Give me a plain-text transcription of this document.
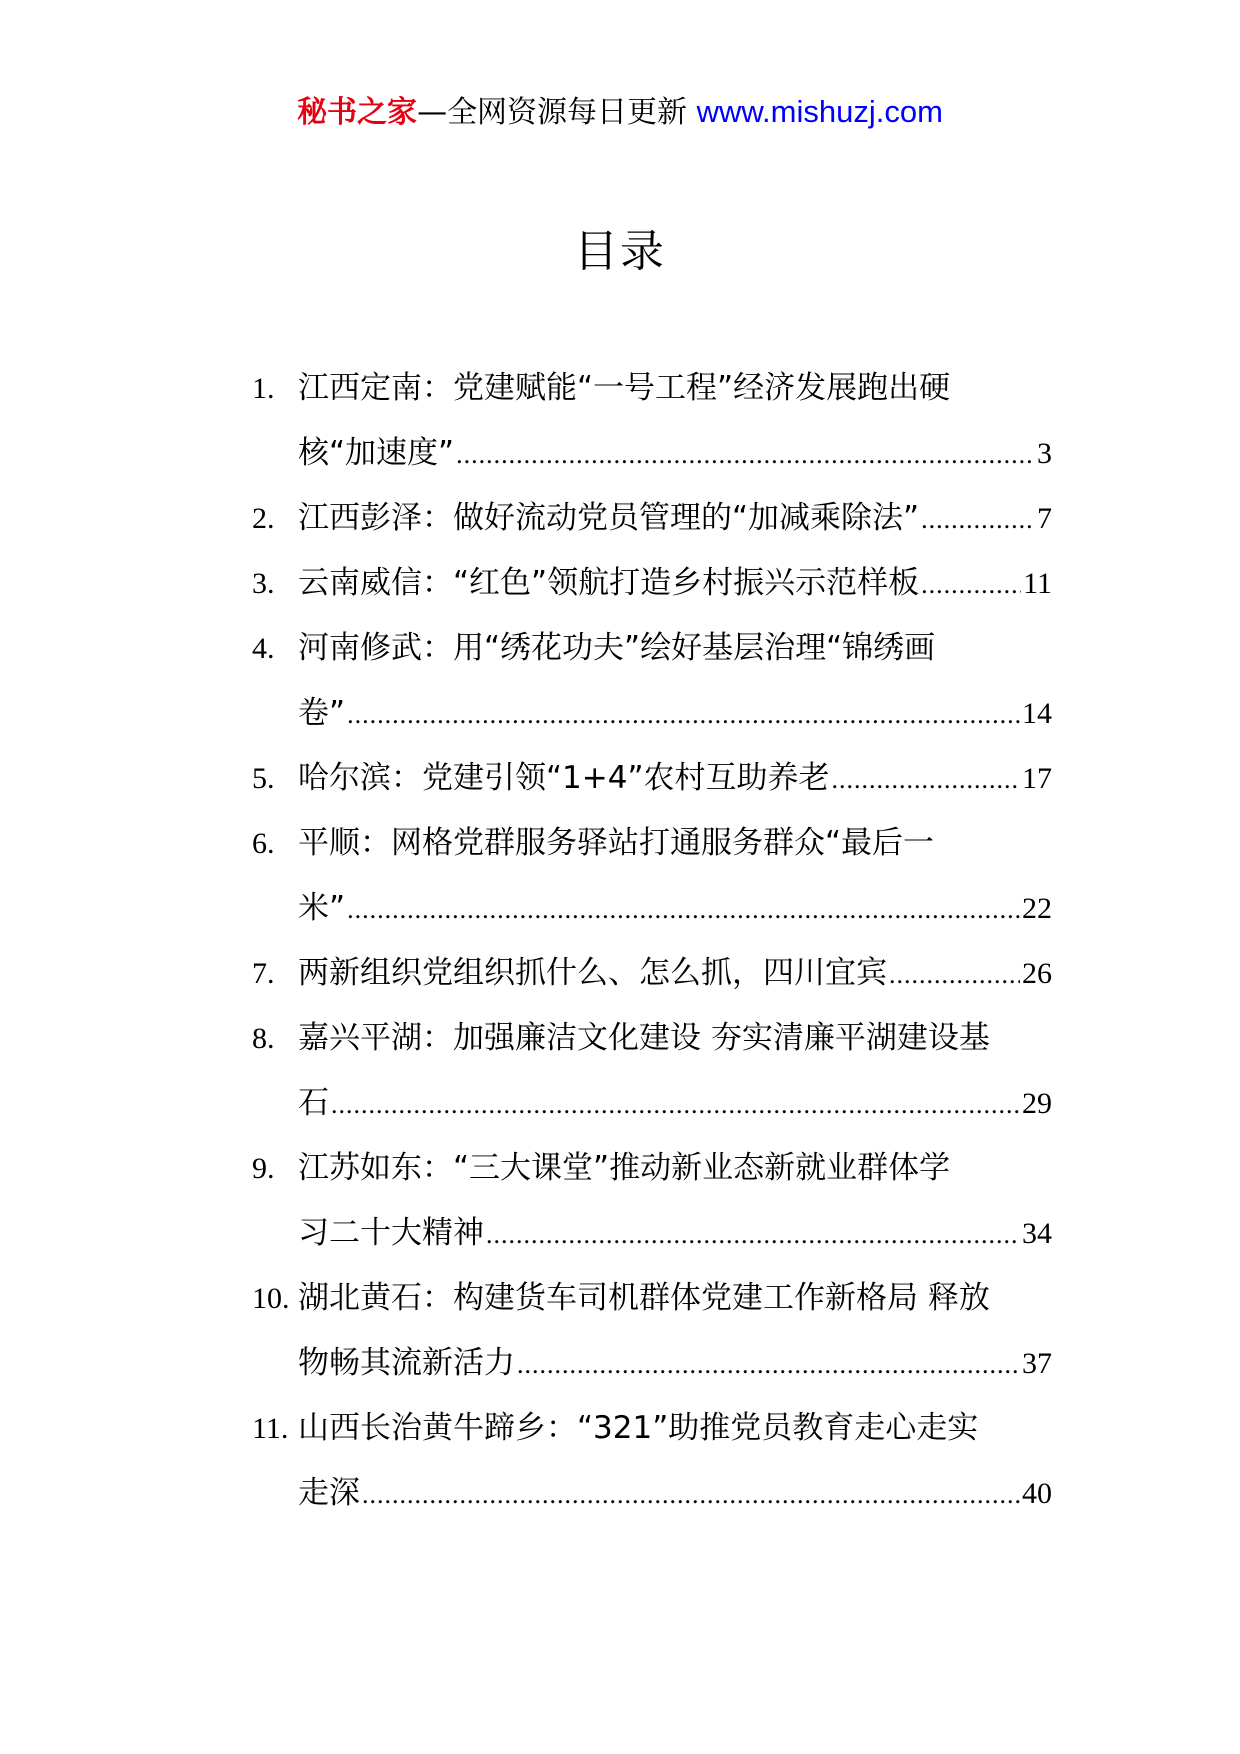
秘书之家—全网资源每日更新 www.mishuzj.com
目录
1. 江西定南：党建赋能“一号工程”经济发展跑出硬
核“加速度” .....	3
2. 江西彭泽：做好流动党员管理的“加减乘除法” .....	7
3. 云南威信：“红色”领航打造乡村振兴示范样板 .....	11
4. 河南修武：用“绣花功夫”绘好基层治理“锦绣画
卷” .....	14
5. 哈尔滨：党建引领“1+4”农村互助养老 .....	17
6. 平顺：网格党群服务驿站打通服务群众“最后一
米” .....	22
7. 两新组织党组织抓什么、怎么抓，四川宜宾 .....	26
8. 嘉兴平湖：加强廉洁文化建设 夯实清廉平湖建设基
石 .....	29
9. 江苏如东：“三大课堂”推动新业态新就业群体学
习二十大精神 .....	34
10. 湖北黄石：构建货车司机群体党建工作新格局 释放
物畅其流新活力 .....	37
11. 山西长治黄牛蹄乡：“321”助推党员教育走心走实
走深 .....	40
